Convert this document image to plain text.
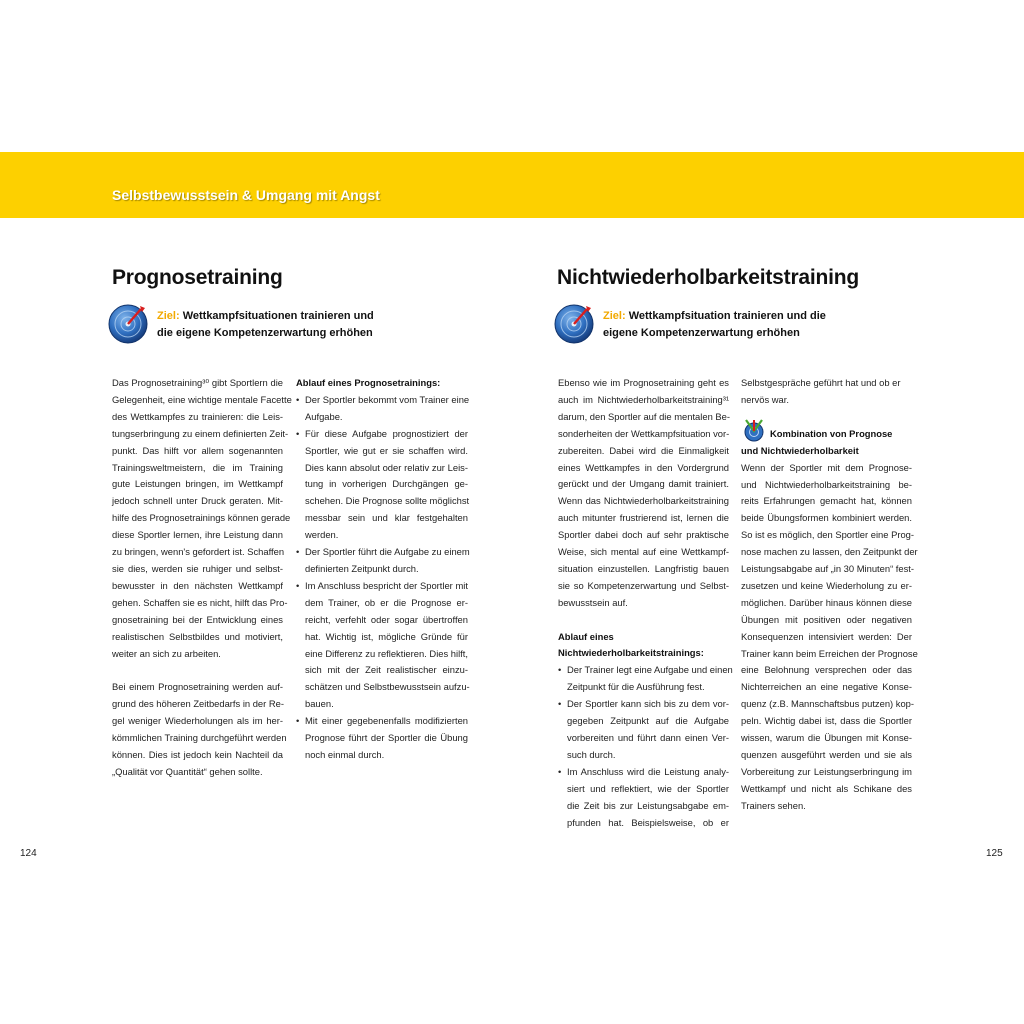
Selbstbewusstsein & Umgang mit Angst
Prognosetraining
Ziel: Wettkampfsituationen trainieren und
die eigene Kompetenzerwartung erhöhen

Das Prognosetraining³⁰ gibt Sportlern die
Gelegenheit, eine wichtige mentale Facette
des Wettkampfes zu trainieren: die Leis-
tungserbringung zu einem definierten Zeit-
punkt. Das hilft vor allem sogenannten
Trainingsweltmeistern, die im Training
gute Leistungen bringen, im Wettkampf
jedoch schnell unter Druck geraten. Mit-
hilfe des Prognosetrainings können gerade
diese Sportler lernen, ihre Leistung dann
zu bringen, wenn's gefordert ist. Schaffen
sie dies, werden sie ruhiger und selbst-
bewusster in den nächsten Wettkampf
gehen. Schaffen sie es nicht, hilft das Pro-
gnosetraining bei der Entwicklung eines
realistischen Selbstbildes und motiviert,
weiter an sich zu arbeiten.

Bei einem Prognosetraining werden auf-
grund des höheren Zeitbedarfs in der Re-
gel weniger Wiederholungen als im her-
kömmlichen Training durchgeführt werden
können. Dies ist jedoch kein Nachteil da
„Qualität vor Quantität“ gehen sollte.

Ablauf eines Prognosetrainings:
• Der Sportler bekommt vom Trainer eine
Aufgabe.
• Für diese Aufgabe prognostiziert der
Sportler, wie gut er sie schaffen wird.
Dies kann absolut oder relativ zur Leis-
tung in vorherigen Durchgängen ge-
schehen. Die Prognose sollte möglichst
messbar sein und klar festgehalten
werden.
• Der Sportler führt die Aufgabe zu einem
definierten Zeitpunkt durch.
• Im Anschluss bespricht der Sportler mit
dem Trainer, ob er die Prognose er-
reicht, verfehlt oder sogar übertroffen
hat. Wichtig ist, mögliche Gründe für
eine Differenz zu reflektieren. Dies hilft,
sich mit der Zeit realistischer einzu-
schätzen und Selbstbewusstsein aufzu-
bauen.
• Mit einer gegebenenfalls modifizierten
Prognose führt der Sportler die Übung
noch einmal durch.
124
Nichtwiederholbarkeitstraining
Ziel: Wettkampfsituation trainieren und die
eigene Kompetenzerwartung erhöhen

Ebenso wie im Prognosetraining geht es
auch im Nichtwiederholbarkeitstraining³¹
darum, den Sportler auf die mentalen Be-
sonderheiten der Wettkampfsituation vor-
zubereiten. Dabei wird die Einmaligkeit
eines Wettkampfes in den Vordergrund
gerückt und der Umgang damit trainiert.
Wenn das Nichtwiederholbarkeitstraining
auch mitunter frustrierend ist, lernen die
Sportler dabei doch auf sehr praktische
Weise, sich mental auf eine Wettkampf-
situation einzustellen. Langfristig bauen
sie so Kompetenzerwartung und Selbst-
bewusstsein auf.

Ablauf eines
Nichtwiederholbarkeitstrainings:
• Der Trainer legt eine Aufgabe und einen
Zeitpunkt für die Ausführung fest.
• Der Sportler kann sich bis zu dem vor-
gegeben Zeitpunkt auf die Aufgabe
vorbereiten und führt dann einen Ver-
such durch.
• Im Anschluss wird die Leistung analy-
siert und reflektiert, wie der Sportler
die Zeit bis zur Leistungsabgabe em-
pfunden hat. Beispielsweise, ob er
Selbstgespräche geführt hat und ob er
nervös war.
Kombination von Prognose
und Nichtwiederholbarkeit

Wenn der Sportler mit dem Prognose-
und Nichtwiederholbarkeitstraining be-
reits Erfahrungen gemacht hat, können
beide Übungsformen kombiniert werden.
So ist es möglich, den Sportler eine Prog-
nose machen zu lassen, den Zeitpunkt der
Leistungsabgabe auf „in 30 Minuten“ fest-
zusetzen und keine Wiederholung zu er-
möglichen. Darüber hinaus können diese
Übungen mit positiven oder negativen
Konsequenzen intensiviert werden: Der
Trainer kann beim Erreichen der Prognose
eine Belohnung versprechen oder das
Nichterreichen an eine negative Konse-
quenz (z.B. Mannschaftsbus putzen) kop-
peln. Wichtig dabei ist, dass die Sportler
wissen, warum die Übungen mit Konse-
quenzen ausgeführt werden und sie als
Vorbereitung zur Leistungserbringung im
Wettkampf und nicht als Schikane des
Trainers sehen.

125
